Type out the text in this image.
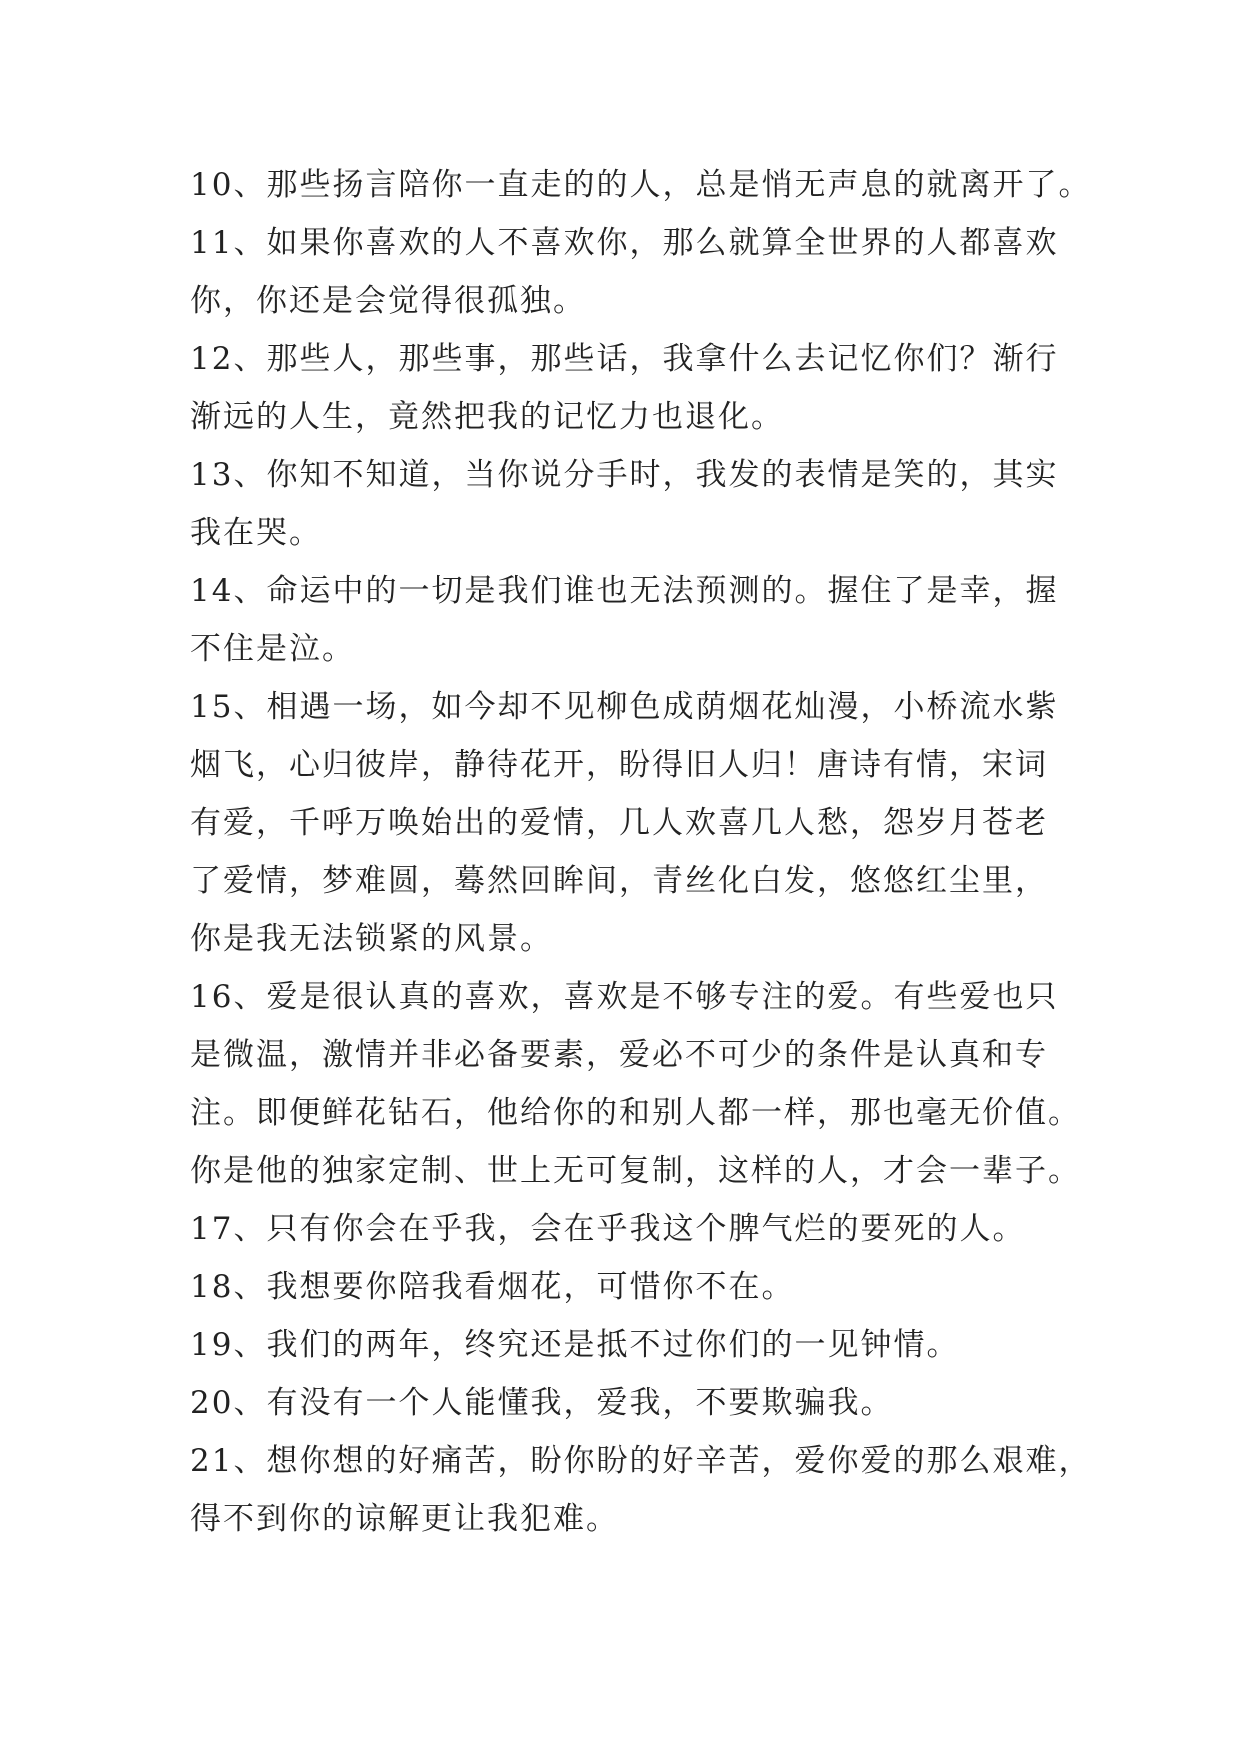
10、那些扬言陪你一直走的的人，总是悄无声息的就离开了。
11、如果你喜欢的人不喜欢你，那么就算全世界的人都喜欢
你，你还是会觉得很孤独。
12、那些人，那些事，那些话，我拿什么去记忆你们？渐行
渐远的人生，竟然把我的记忆力也退化。
13、你知不知道，当你说分手时，我发的表情是笑的，其实
我在哭。
14、命运中的一切是我们谁也无法预测的。握住了是幸，握
不住是泣。
15、相遇一场，如今却不见柳色成荫烟花灿漫，小桥流水紫
烟飞，心归彼岸，静待花开，盼得旧人归！唐诗有情，宋词
有爱，千呼万唤始出的爱情，几人欢喜几人愁，怨岁月苍老
了爱情，梦难圆，蓦然回眸间，青丝化白发，悠悠红尘里，
你是我无法锁紧的风景。
16、爱是很认真的喜欢，喜欢是不够专注的爱。有些爱也只
是微温，激情并非必备要素，爱必不可少的条件是认真和专
注。即便鲜花钻石，他给你的和别人都一样，那也毫无价值。
你是他的独家定制、世上无可复制，这样的人，才会一辈子。
17、只有你会在乎我，会在乎我这个脾气烂的要死的人。
18、我想要你陪我看烟花，可惜你不在。
19、我们的两年，终究还是抵不过你们的一见钟情。
20、有没有一个人能懂我，爱我，不要欺骗我。
21、想你想的好痛苦，盼你盼的好辛苦，爱你爱的那么艰难，
得不到你的谅解更让我犯难。
